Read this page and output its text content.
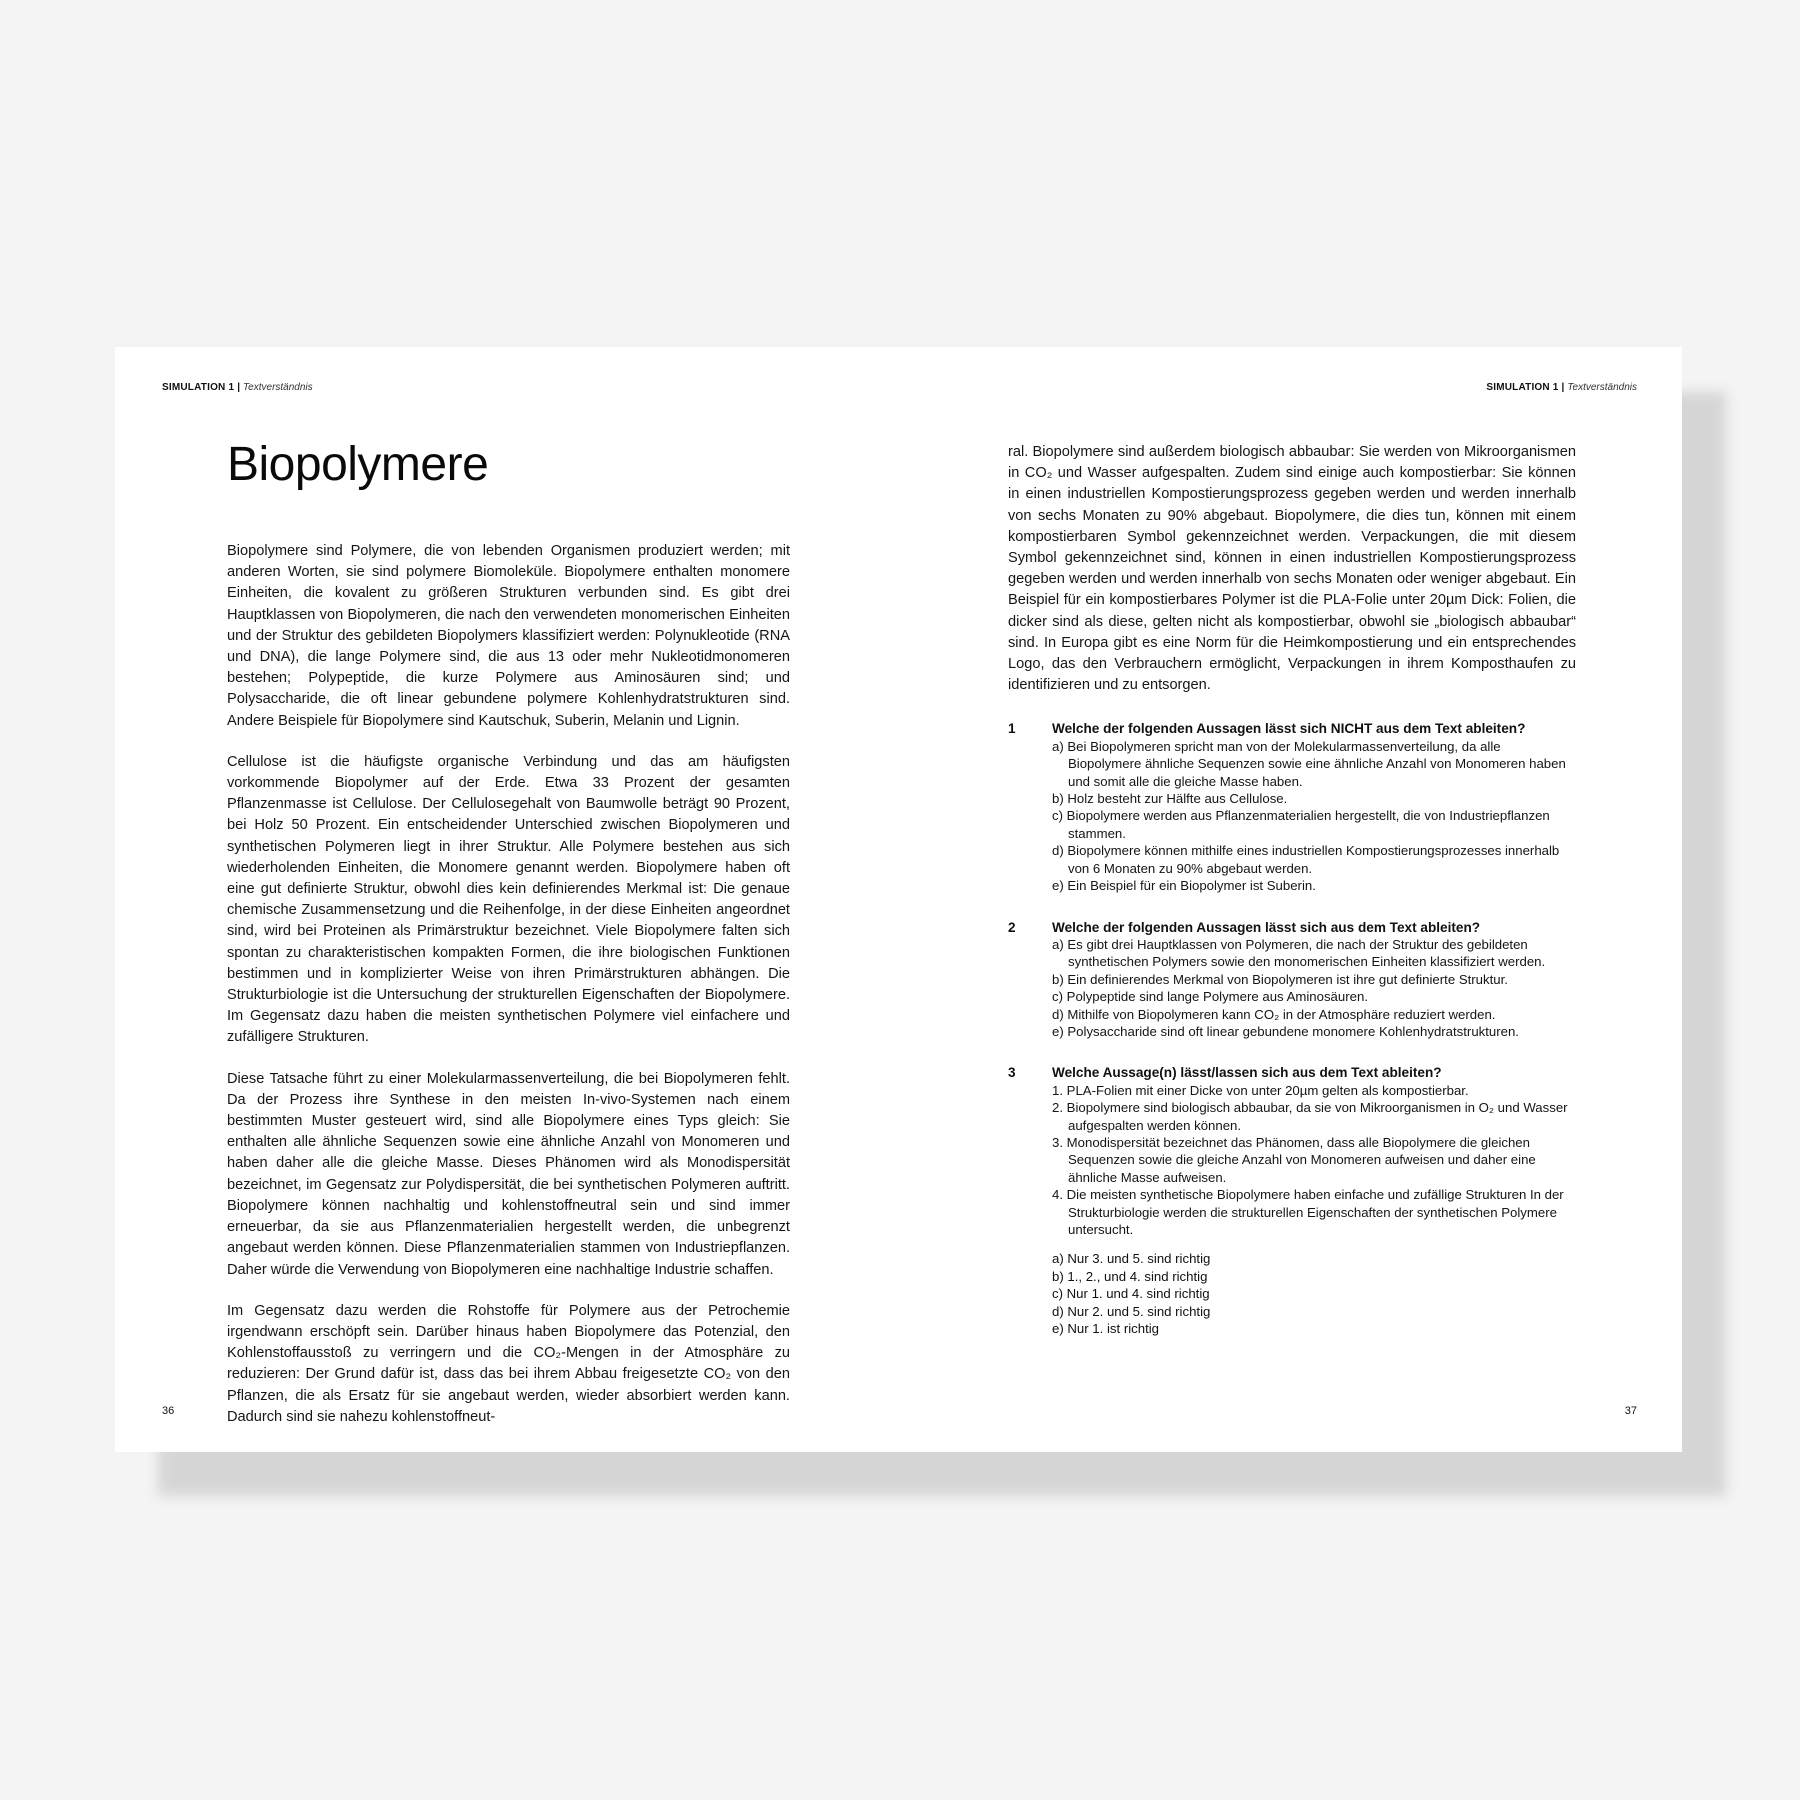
SIMULATION 1 | Textverständnis	SIMULATION 1 | Textverständnis
Biopolymere

Biopolymere sind Polymere, die von lebenden Organismen produziert werden; mit anderen Worten, sie sind polymere Biomoleküle. Biopolymere enthalten monomere Einheiten, die kovalent zu größeren Strukturen verbunden sind. Es gibt drei Hauptklassen von Biopolymeren, die nach den verwendeten monomerischen Einheiten und der Struktur des gebildeten Biopolymers klassifiziert werden: Polynukleotide (RNA und DNA), die lange Polymere sind, die aus 13 oder mehr Nukleotidmonomeren bestehen; Polypeptide, die kurze Polymere aus Aminosäuren sind; und Polysaccharide, die oft linear gebundene polymere Kohlenhydratstrukturen sind. Andere Beispiele für Biopolymere sind Kautschuk, Suberin, Melanin und Lignin.

Cellulose ist die häufigste organische Verbindung und das am häufigsten vorkommende Biopolymer auf der Erde. Etwa 33 Prozent der gesamten Pflanzenmasse ist Cellulose. Der Cellulosegehalt von Baumwolle beträgt 90 Prozent, bei Holz 50 Prozent. Ein entscheidender Unterschied zwischen Biopolymeren und synthetischen Polymeren liegt in ihrer Struktur. Alle Polymere bestehen aus sich wiederholenden Einheiten, die Monomere genannt werden. Biopolymere haben oft eine gut definierte Struktur, obwohl dies kein definierendes Merkmal ist: Die genaue chemische Zusammensetzung und die Reihenfolge, in der diese Einheiten angeordnet sind, wird bei Proteinen als Primärstruktur bezeichnet. Viele Biopolymere falten sich spontan zu charakteristischen kompakten Formen, die ihre biologischen Funktionen bestimmen und in komplizierter Weise von ihren Primärstrukturen abhängen. Die Strukturbiologie ist die Untersuchung der strukturellen Eigenschaften der Biopolymere. Im Gegensatz dazu haben die meisten synthetischen Polymere viel einfachere und zufälligere Strukturen.

Diese Tatsache führt zu einer Molekularmassenverteilung, die bei Biopolymeren fehlt. Da der Prozess ihre Synthese in den meisten In-vivo-Systemen nach einem bestimmten Muster gesteuert wird, sind alle Biopolymere eines Typs gleich: Sie enthalten alle ähnliche Sequenzen sowie eine ähnliche Anzahl von Monomeren und haben daher alle die gleiche Masse. Dieses Phänomen wird als Monodispersität bezeichnet, im Gegensatz zur Polydispersität, die bei synthetischen Polymeren auftritt. Biopolymere können nachhaltig und kohlenstoffneutral sein und sind immer erneuerbar, da sie aus Pflanzenmaterialien hergestellt werden, die unbegrenzt angebaut werden können. Diese Pflanzenmaterialien stammen von Industriepflanzen. Daher würde die Verwendung von Biopolymeren eine nachhaltige Industrie schaffen.

Im Gegensatz dazu werden die Rohstoffe für Polymere aus der Petrochemie irgendwann erschöpft sein. Darüber hinaus haben Biopolymere das Potenzial, den Kohlenstoffausstoß zu verringern und die CO₂-Mengen in der Atmosphäre zu reduzieren: Der Grund dafür ist, dass das bei ihrem Abbau freigesetzte CO₂ von den Pflanzen, die als Ersatz für sie angebaut werden, wieder absorbiert werden kann. Dadurch sind sie nahezu kohlenstoffneut-

ral. Biopolymere sind außerdem biologisch abbaubar: Sie werden von Mikroorganismen in CO₂ und Wasser aufgespalten. Zudem sind einige auch kompostierbar: Sie können in einen industriellen Kompostierungsprozess gegeben werden und werden innerhalb von sechs Monaten zu 90% abgebaut. Biopolymere, die dies tun, können mit einem kompostierbaren Symbol gekennzeichnet werden. Verpackungen, die mit diesem Symbol gekennzeichnet sind, können in einen industriellen Kompostierungsprozess gegeben werden und werden innerhalb von sechs Monaten oder weniger abgebaut. Ein Beispiel für ein kompostierbares Polymer ist die PLA-Folie unter 20µm Dick: Folien, die dicker sind als diese, gelten nicht als kompostierbar, obwohl sie „biologisch abbaubar“ sind. In Europa gibt es eine Norm für die Heimkompostierung und ein entsprechendes Logo, das den Verbrauchern ermöglicht, Verpackungen in ihrem Komposthaufen zu identifizieren und zu entsorgen.

1	Welche der folgenden Aussagen lässt sich NICHT aus dem Text ableiten?
a) Bei Biopolymeren spricht man von der Molekularmassenverteilung, da alle Biopolymere ähnliche Sequenzen sowie eine ähnliche Anzahl von Monomeren haben und somit alle die gleiche Masse haben.
b) Holz besteht zur Hälfte aus Cellulose.
c) Biopolymere werden aus Pflanzenmaterialien hergestellt, die von Industriepflanzen stammen.
d) Biopolymere können mithilfe eines industriellen Kompostierungsprozesses innerhalb von 6 Monaten zu 90% abgebaut werden.
e) Ein Beispiel für ein Biopolymer ist Suberin.
2	Welche der folgenden Aussagen lässt sich aus dem Text ableiten?
a) Es gibt drei Hauptklassen von Polymeren, die nach der Struktur des gebildeten synthetischen Polymers sowie den monomerischen Einheiten klassifiziert werden.
b) Ein definierendes Merkmal von Biopolymeren ist ihre gut definierte Struktur.
c) Polypeptide sind lange Polymere aus Aminosäuren.
d) Mithilfe von Biopolymeren kann CO₂ in der Atmosphäre reduziert werden.
e) Polysaccharide sind oft linear gebundene monomere Kohlenhydratstrukturen.
3	Welche Aussage(n) lässt/lassen sich aus dem Text ableiten?
1. PLA-Folien mit einer Dicke von unter 20µm gelten als kompostierbar.
2. Biopolymere sind biologisch abbaubar, da sie von Mikroorganismen in O₂ und Wasser aufgespalten werden können.
3. Monodispersität bezeichnet das Phänomen, dass alle Biopolymere die gleichen Sequenzen sowie die gleiche Anzahl von Monomeren aufweisen und daher eine ähnliche Masse aufweisen.
4. Die meisten synthetische Biopolymere haben einfache und zufällige Strukturen In der Strukturbiologie werden die strukturellen Eigenschaften der synthetischen Polymere untersucht.
a) Nur 3. und 5. sind richtig
b) 1., 2., und 4. sind richtig
c) Nur 1. und 4. sind richtig
d) Nur 2. und 5. sind richtig
e) Nur 1. ist richtig
36	37
